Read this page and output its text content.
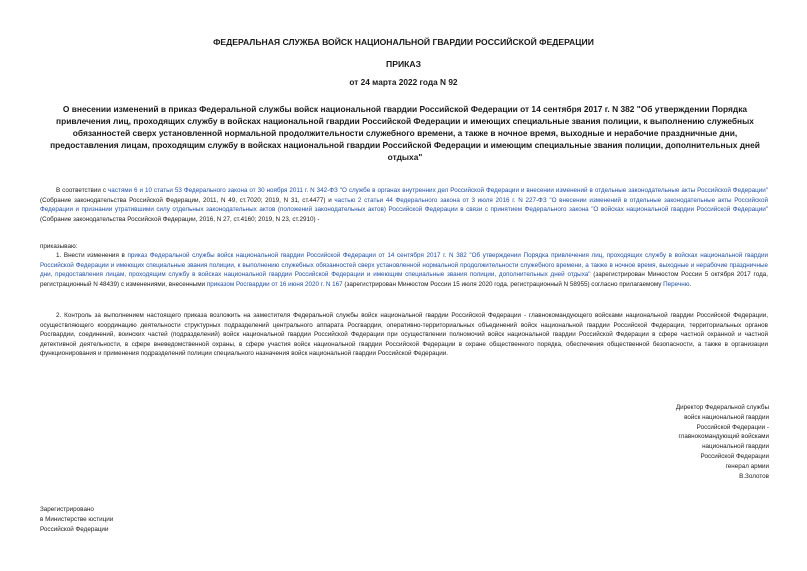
ФЕДЕРАЛЬНАЯ СЛУЖБА ВОЙСК НАЦИОНАЛЬНОЙ ГВАРДИИ РОССИЙСКОЙ ФЕДЕРАЦИИ
ПРИКАЗ
от 24 марта 2022 года N 92
О внесении изменений в приказ Федеральной службы войск национальной гвардии Российской Федерации от 14 сентября 2017 г. N 382 "Об утверждении Порядка привлечения лиц, проходящих службу в войсках национальной гвардии Российской Федерации и имеющих специальные звания полиции, к выполнению служебных обязанностей сверх установленной нормальной продолжительности служебного времени, а также в ночное время, выходные и нерабочие праздничные дни, предоставления лицам, проходящим службу в войсках национальной гвардии Российской Федерации и имеющим специальные звания полиции, дополнительных дней отдыха"
В соответствии с частями 6 и 10 статьи 53 Федерального закона от 30 ноября 2011 г. N 342-ФЗ "О службе в органах внутренних дел Российской Федерации и внесении изменений в отдельные законодательные акты Российской Федерации" (Собрание законодательства Российской Федерации, 2011, N 49, ст.7020; 2019, N 31, ст.4477) и частью 2 статьи 44 Федерального закона от 3 июля 2016 г. N 227-ФЗ "О внесении изменений в отдельные законодательные акты Российской Федерации и признании утратившими силу отдельных законодательных актов (положений законодательных актов) Российской Федерации в связи с принятием Федерального закона "О войсках национальной гвардии Российской Федерации" (Собрание законодательства Российской Федерации, 2016, N 27, ст.4160; 2019, N 23, ст.2910) -
приказываю:
1. Внести изменения в приказ Федеральной службы войск национальной гвардии Российской Федерации от 14 сентября 2017 г. N 382 "Об утверждении Порядка привлечения лиц, проходящих службу в войсках национальной гвардии Российской Федерации и имеющих специальные звания полиции, к выполнению служебных обязанностей сверх установленной нормальной продолжительности служебного времени, а также в ночное время, выходные и нерабочие праздничные дни, предоставления лицам, проходящим службу в войсках национальной гвардии Российской Федерации и имеющим специальные звания полиции, дополнительных дней отдыха" (зарегистрирован Минюстом России 5 октября 2017 года, регистрационный N 48439) с изменениями, внесенными приказом Росгвардии от 16 июня 2020 г. N 167 (зарегистрирован Минюстом России 15 июля 2020 года, регистрационный N 58955) согласно прилагаемому Перечню.
2. Контроль за выполнением настоящего приказа возложить на заместителя Федеральной службы войск национальной гвардии Российской Федерации - главнокомандующего войсками национальной гвардии Российской Федерации, осуществляющего координацию деятельности структурных подразделений центрального аппарата Росгвардии, оперативно-территориальных объединений войск национальной гвардии Российской Федерации, территориальных органов Росгвардии, соединений, воинских частей (подразделений) войск национальной гвардии Российской Федерации при осуществлении полномочий войск национальной гвардии Российской Федерации в сфере частной охранной и частной детективной деятельности, в сфере вневедомственной охраны, в сфере участия войск национальной гвардии Российской Федерации в охране общественного порядка, обеспечения общественной безопасности, а также в организации функционирования и применения подразделений полиции специального назначения войск национальной гвардии Российской Федерации.
Директор Федеральной службы
войск национальной гвардии
Российской Федерации -
главнокомандующий войсками
национальной гвардии
Российской Федерации
генерал армии
В.Золотов
Зарегистрировано
в Министерстве юстиции
Российской Федерации
